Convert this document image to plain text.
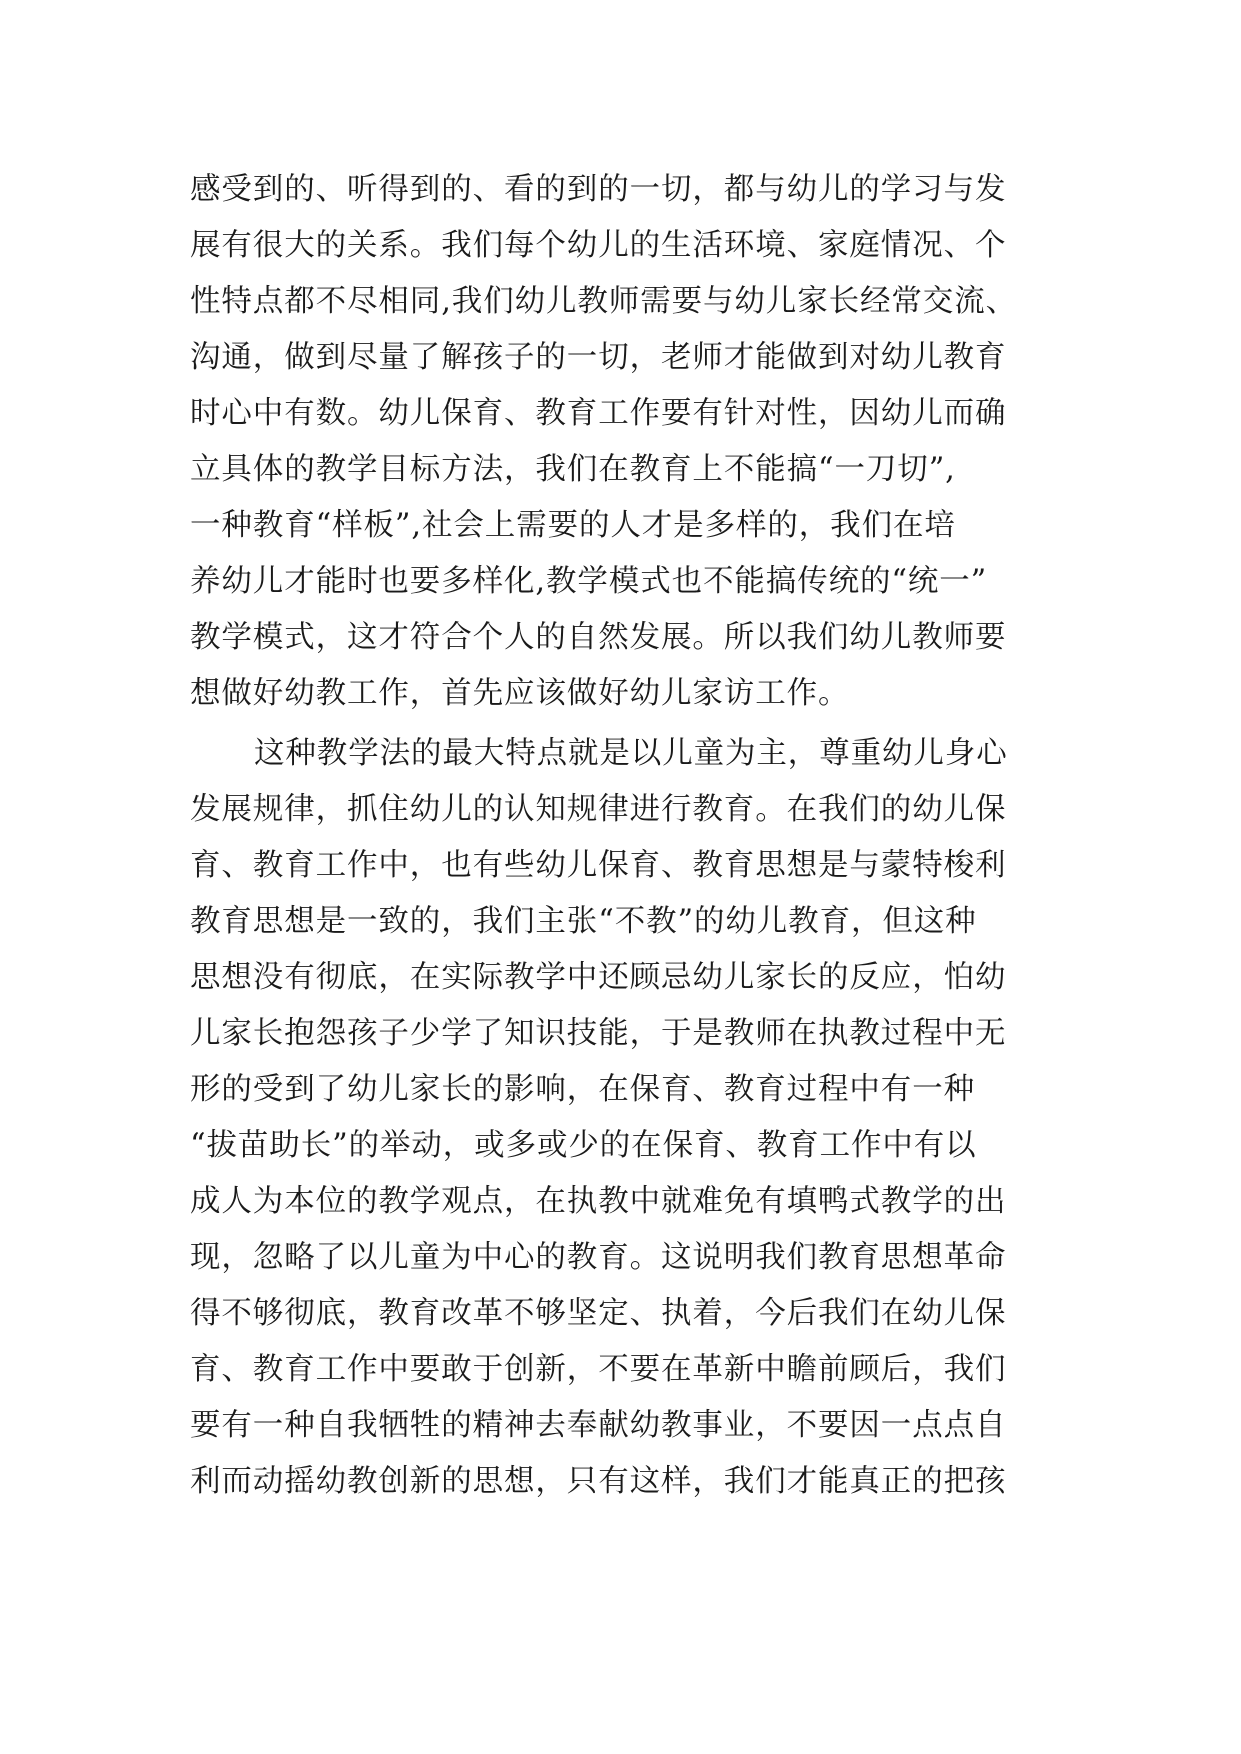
感受到的、听得到的、看的到的一切，都与幼儿的学习与发
展有很大的关系。我们每个幼儿的生活环境、家庭情况、个
性特点都不尽相同,我们幼儿教师需要与幼儿家长经常交流、
沟通，做到尽量了解孩子的一切，老师才能做到对幼儿教育
时心中有数。幼儿保育、教育工作要有针对性，因幼儿而确
立具体的教学目标方法，我们在教育上不能搞“一刀切”,
一种教育“样板”,社会上需要的人才是多样的，我们在培
养幼儿才能时也要多样化,教学模式也不能搞传统的“统一”
教学模式，这才符合个人的自然发展。所以我们幼儿教师要
想做好幼教工作，首先应该做好幼儿家访工作。
这种教学法的最大特点就是以儿童为主，尊重幼儿身心
发展规律，抓住幼儿的认知规律进行教育。在我们的幼儿保
育、教育工作中，也有些幼儿保育、教育思想是与蒙特梭利
教育思想是一致的，我们主张“不教”的幼儿教育，但这种
思想没有彻底，在实际教学中还顾忌幼儿家长的反应，怕幼
儿家长抱怨孩子少学了知识技能，于是教师在执教过程中无
形的受到了幼儿家长的影响，在保育、教育过程中有一种
“拔苗助长”的举动，或多或少的在保育、教育工作中有以
成人为本位的教学观点，在执教中就难免有填鸭式教学的出
现，忽略了以儿童为中心的教育。这说明我们教育思想革命
得不够彻底，教育改革不够坚定、执着，今后我们在幼儿保
育、教育工作中要敢于创新，不要在革新中瞻前顾后，我们
要有一种自我牺牲的精神去奉献幼教事业，不要因一点点自
利而动摇幼教创新的思想，只有这样，我们才能真正的把孩
